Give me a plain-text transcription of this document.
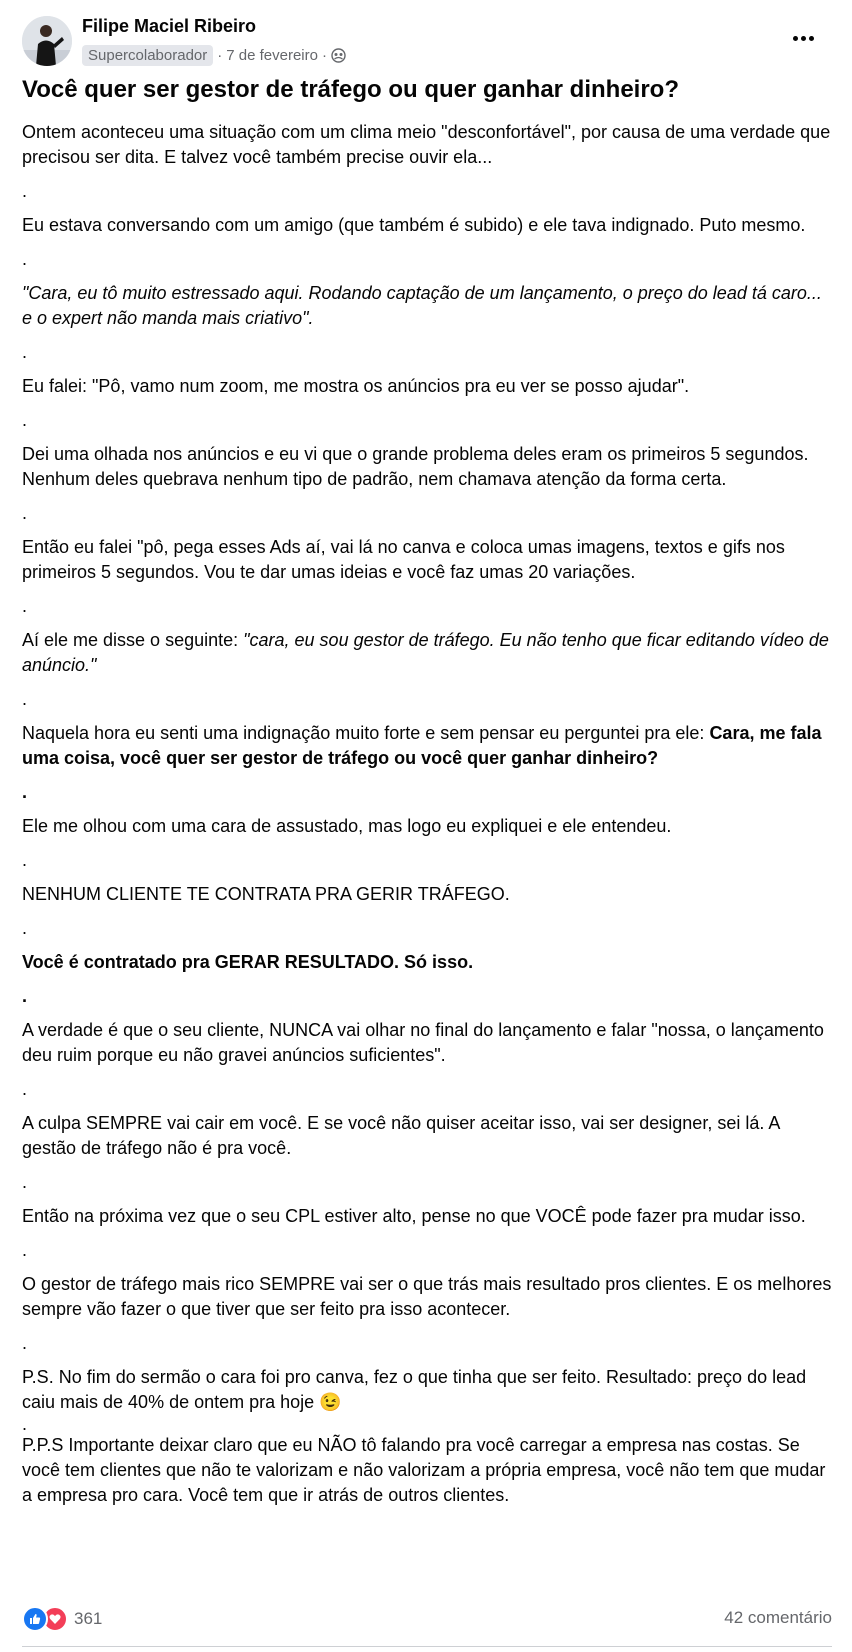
Filipe Maciel Ribeiro
Supercolaborador · 7 de fevereiro ·
Você quer ser gestor de tráfego ou quer ganhar dinheiro?

Ontem aconteceu uma situação com um clima meio "desconfortável", por causa de uma verdade que precisou ser dita. E talvez você também precise ouvir ela...

.

Eu estava conversando com um amigo (que também é subido) e ele tava indignado. Puto mesmo.

.

"Cara, eu tô muito estressado aqui. Rodando captação de um lançamento, o preço do lead tá caro... e o expert não manda mais criativo".

.

Eu falei: "Pô, vamo num zoom, me mostra os anúncios pra eu ver se posso ajudar".

.

Dei uma olhada nos anúncios e eu vi que o grande problema deles eram os primeiros 5 segundos. Nenhum deles quebrava nenhum tipo de padrão, nem chamava atenção da forma certa.

.

Então eu falei "pô, pega esses Ads aí, vai lá no canva e coloca umas imagens, textos e gifs nos primeiros 5 segundos. Vou te dar umas ideias e você faz umas 20 variações.

.

Aí ele me disse o seguinte: "cara, eu sou gestor de tráfego. Eu não tenho que ficar editando vídeo de anúncio."

.

Naquela hora eu senti uma indignação muito forte e sem pensar eu perguntei pra ele: Cara, me fala uma coisa, você quer ser gestor de tráfego ou você quer ganhar dinheiro?

.

Ele me olhou com uma cara de assustado, mas logo eu expliquei e ele entendeu.

.

NENHUM CLIENTE TE CONTRATA PRA GERIR TRÁFEGO.

.

Você é contratado pra GERAR RESULTADO. Só isso.

.

A verdade é que o seu cliente, NUNCA vai olhar no final do lançamento e falar "nossa, o lançamento deu ruim porque eu não gravei anúncios suficientes".

.

A culpa SEMPRE vai cair em você. E se você não quiser aceitar isso, vai ser designer, sei lá. A gestão de tráfego não é pra você.

.

Então na próxima vez que o seu CPL estiver alto, pense no que VOCÊ pode fazer pra mudar isso.

.

O gestor de tráfego mais rico SEMPRE vai ser o que trás mais resultado pros clientes. E os melhores sempre vão fazer o que tiver que ser feito pra isso acontecer.

.

P.S. No fim do sermão o cara foi pro canva, fez o que tinha que ser feito. Resultado: preço do lead caiu mais de 40% de ontem pra hoje 😉

.

P.P.S Importante deixar claro que eu NÃO tô falando pra você carregar a empresa nas costas. Se você tem clientes que não te valorizam e não valorizam a própria empresa, você não tem que mudar a empresa pro cara. Você tem que ir atrás de outros clientes.

361	42 comentário
